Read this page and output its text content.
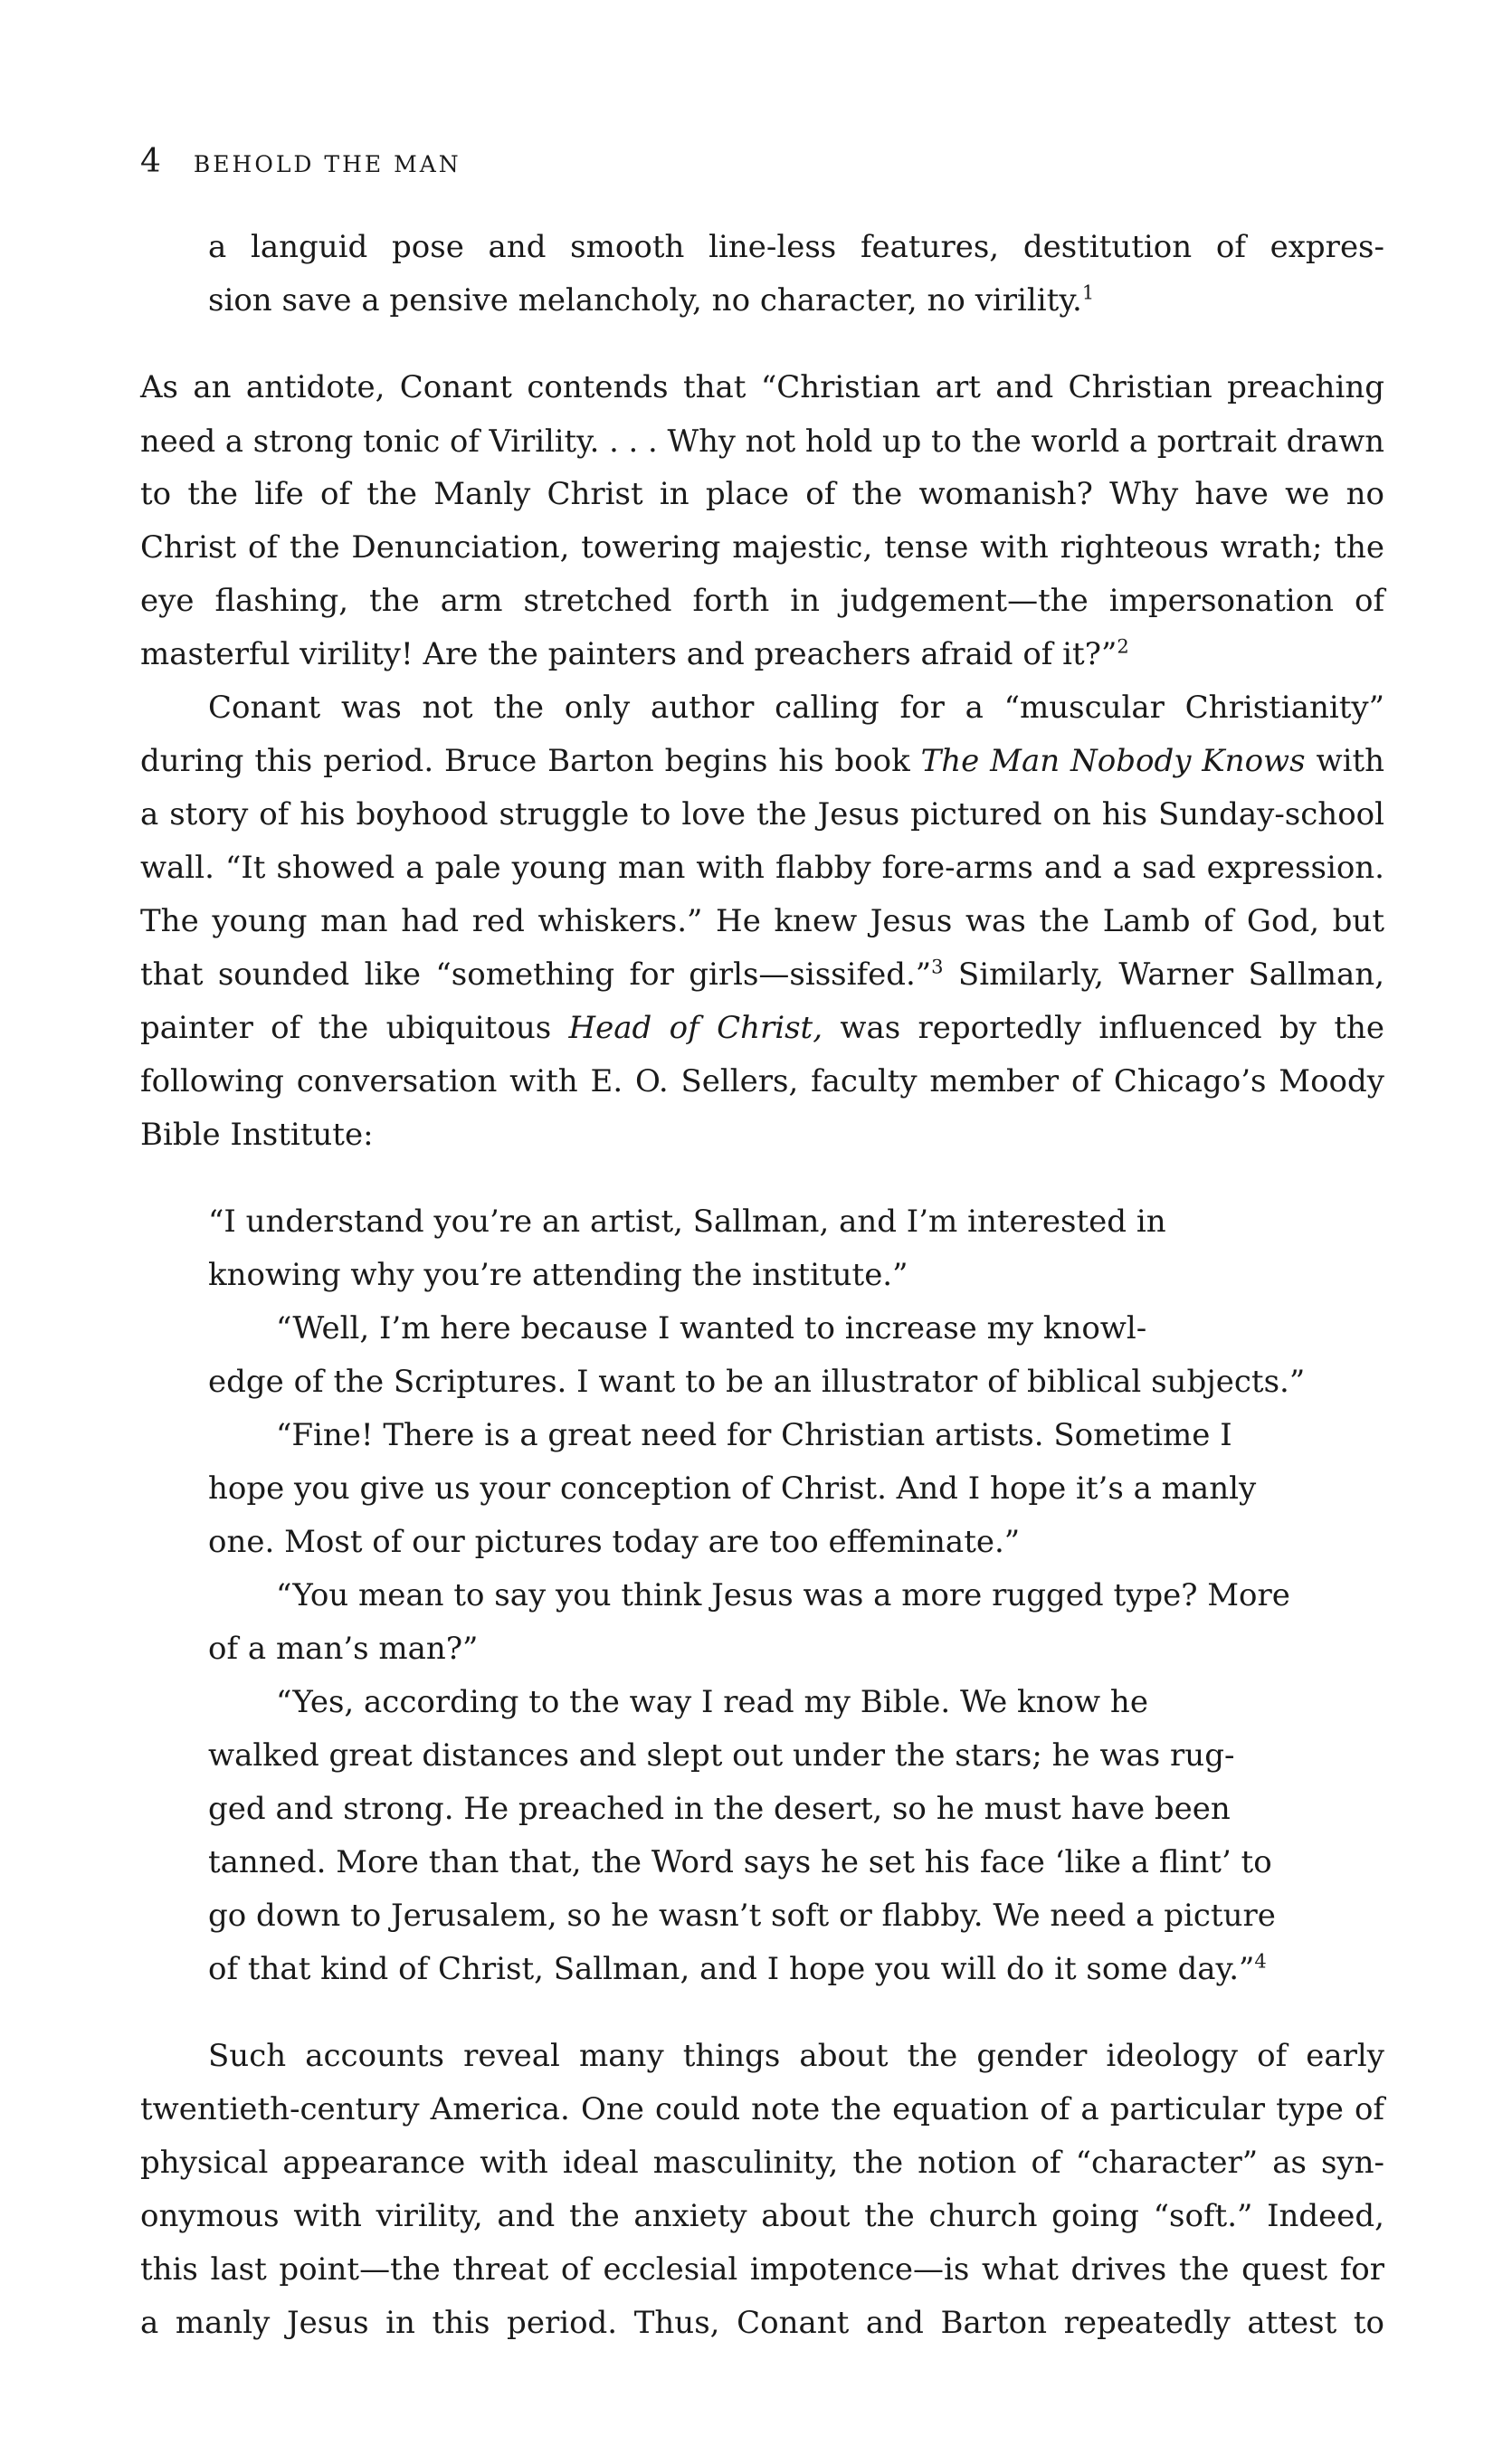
4 BEHOLD THE MAN
a languid pose and smooth line-less features, destitution of expres-
sion save a pensive melancholy, no character, no virility.$^1$
As an antidote, Conant contends that “Christian art and Christian preaching
need a strong tonic of Virility. . . . Why not hold up to the world a portrait drawn
to the life of the Manly Christ in place of the womanish? Why have we no
Christ of the Denunciation, towering majestic, tense with righteous wrath; the
eye flashing, the arm stretched forth in judgement—the impersonation of
masterful virility! Are the painters and preachers afraid of it?”$^2$
Conant was not the only author calling for a “muscular Christianity”
during this period. Bruce Barton begins his book The Man Nobody Knows with
a story of his boyhood struggle to love the Jesus pictured on his Sunday-school
wall. “It showed a pale young man with flabby fore-arms and a sad expression.
The young man had red whiskers.” He knew Jesus was the Lamb of God, but
that sounded like “something for girls—sissifed.”$^3$ Similarly, Warner Sallman,
painter of the ubiquitous Head of Christ, was reportedly influenced by the
following conversation with E. O. Sellers, faculty member of Chicago’s Moody
Bible Institute:
“I understand you’re an artist, Sallman, and I’m interested in
knowing why you’re attending the institute.”
“Well, I’m here because I wanted to increase my knowl-
edge of the Scriptures. I want to be an illustrator of biblical subjects.”
“Fine! There is a great need for Christian artists. Sometime I
hope you give us your conception of Christ. And I hope it’s a manly
one. Most of our pictures today are too effeminate.”
“You mean to say you think Jesus was a more rugged type? More
of a man’s man?”
“Yes, according to the way I read my Bible. We know he
walked great distances and slept out under the stars; he was rug-
ged and strong. He preached in the desert, so he must have been
tanned. More than that, the Word says he set his face ‘like a flint’ to
go down to Jerusalem, so he wasn’t soft or flabby. We need a picture
of that kind of Christ, Sallman, and I hope you will do it some day.”$^4$
Such accounts reveal many things about the gender ideology of early
twentieth-century America. One could note the equation of a particular type of
physical appearance with ideal masculinity, the notion of “character” as syn-
onymous with virility, and the anxiety about the church going “soft.” Indeed,
this last point—the threat of ecclesial impotence—is what drives the quest for
a manly Jesus in this period. Thus, Conant and Barton repeatedly attest to
